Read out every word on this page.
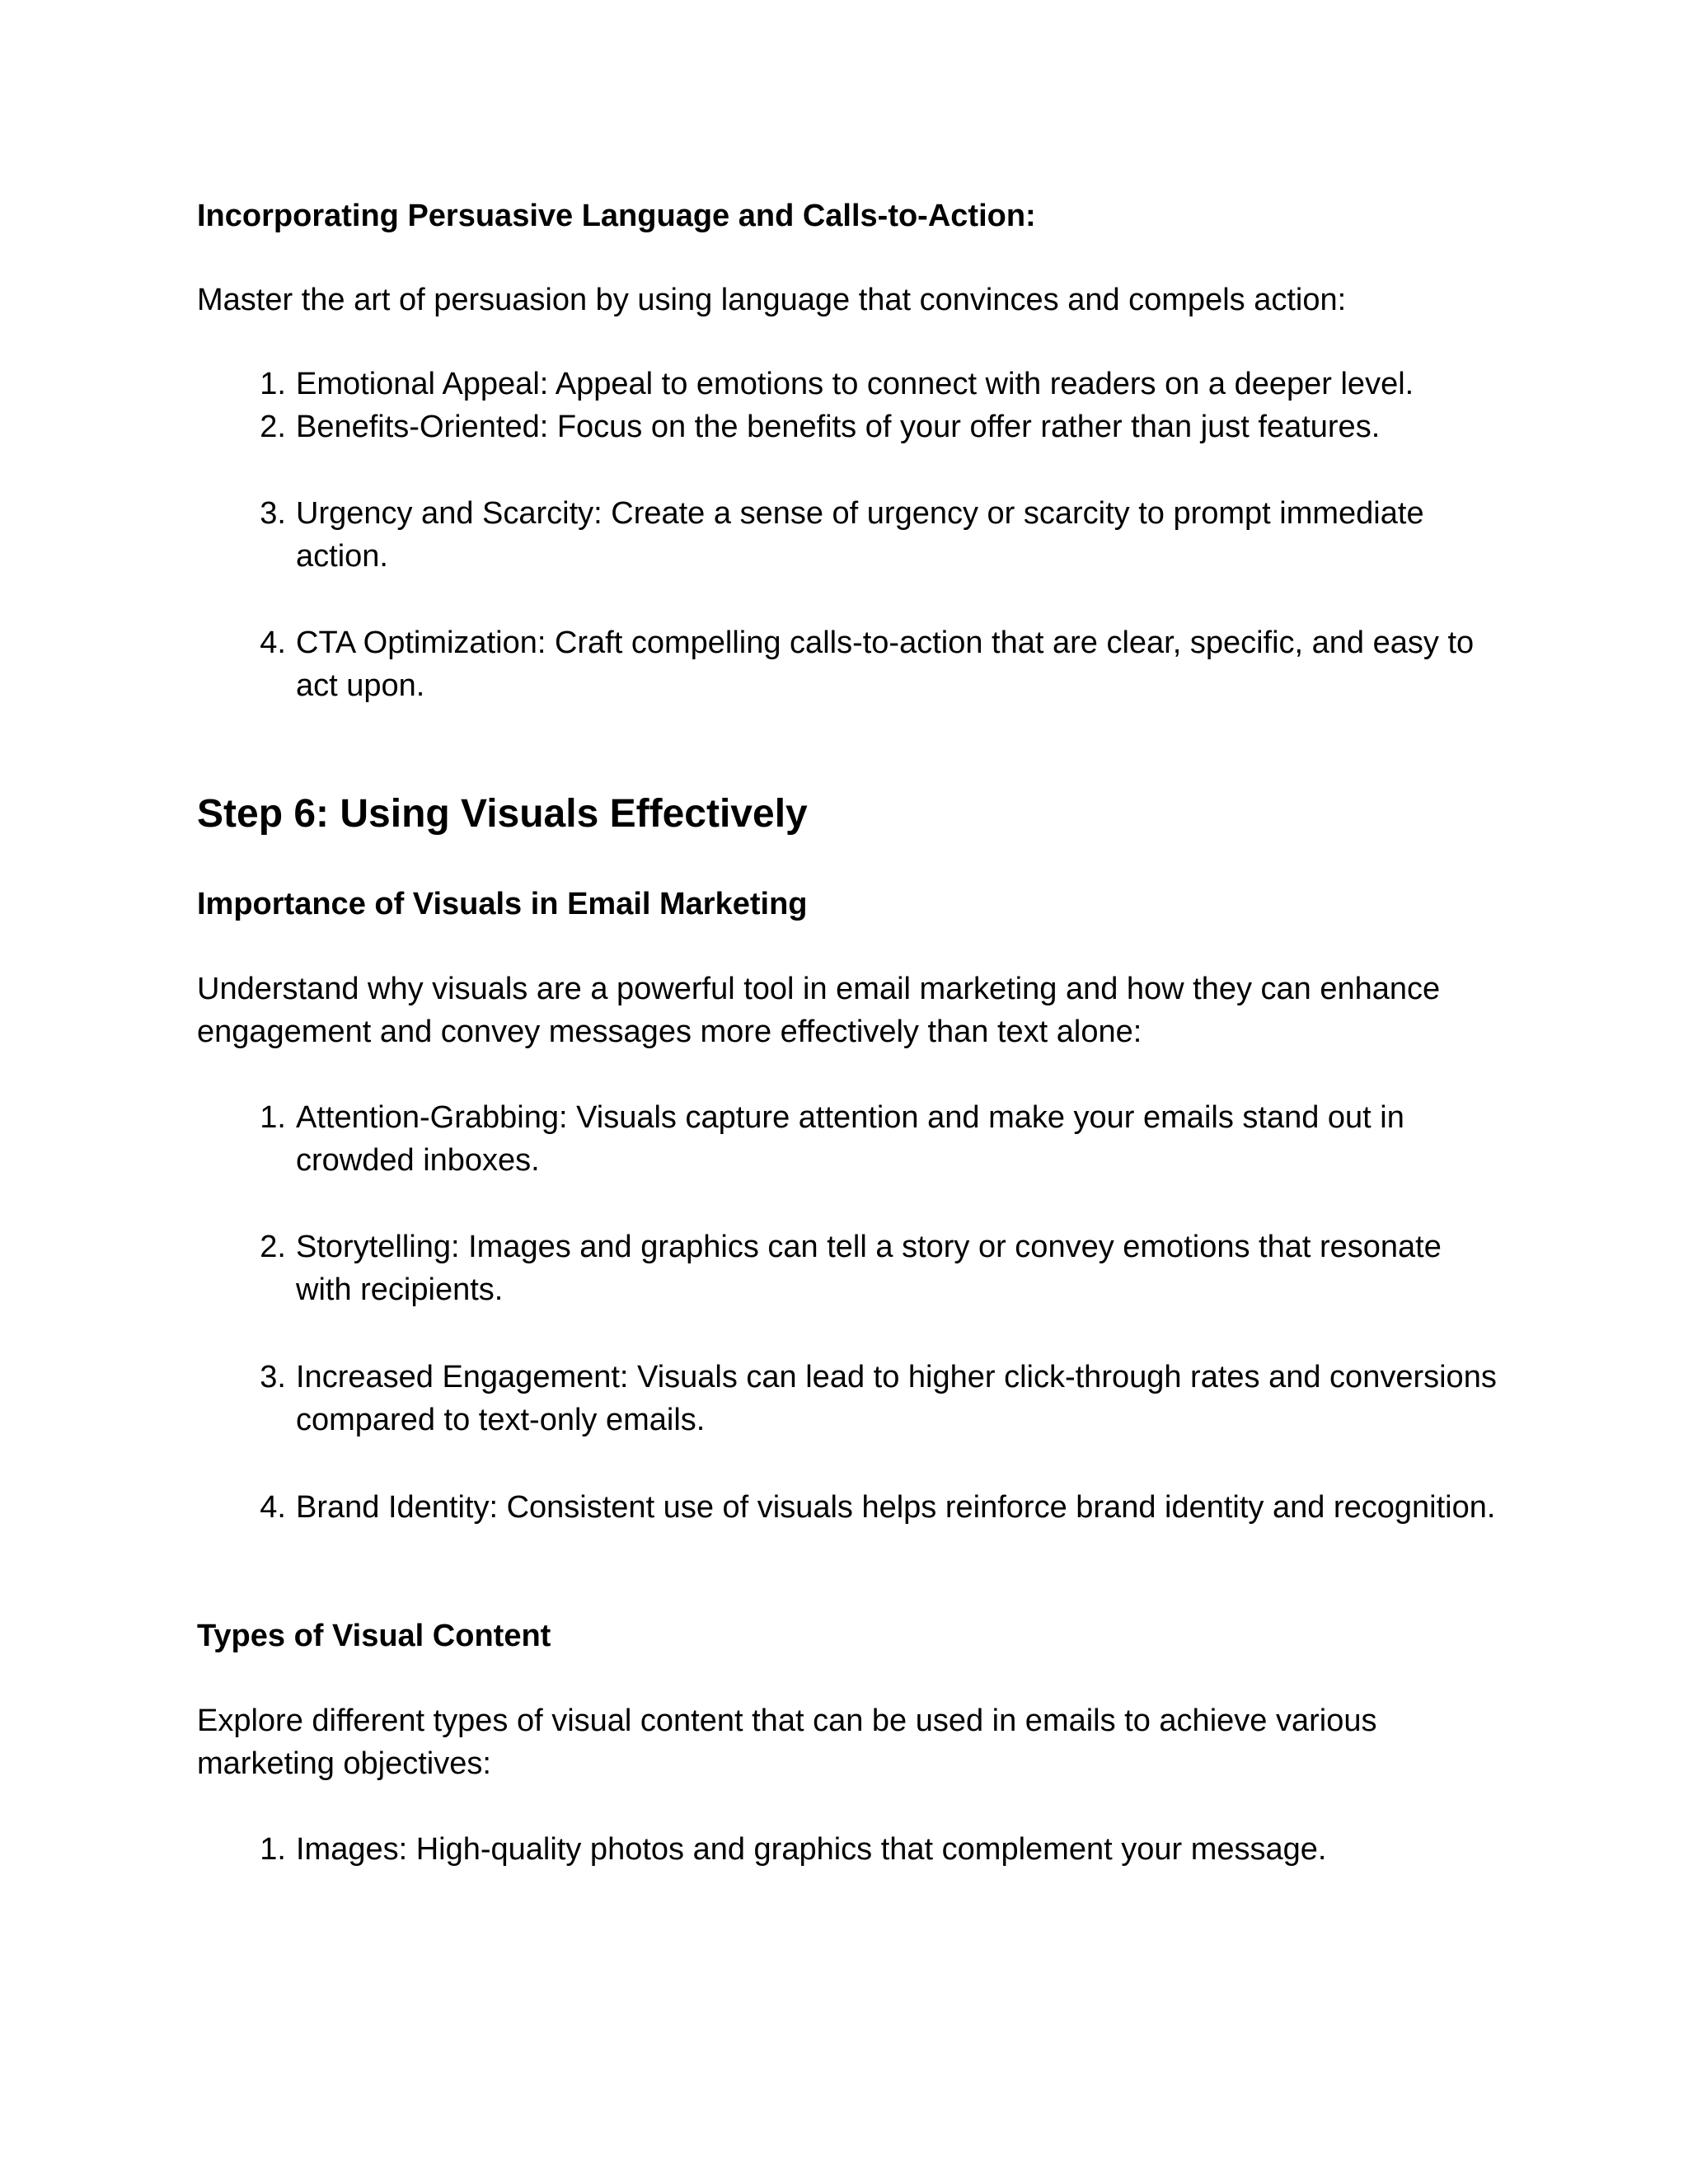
Incorporating Persuasive Language and Calls-to-Action:

Master the art of persuasion by using language that convinces and compels action:

1. Emotional Appeal: Appeal to emotions to connect with readers on a deeper level.
2. Benefits-Oriented: Focus on the benefits of your offer rather than just features.
3. Urgency and Scarcity: Create a sense of urgency or scarcity to prompt immediate action.
4. CTA Optimization: Craft compelling calls-to-action that are clear, specific, and easy to act upon.
Step 6: Using Visuals Effectively
Importance of Visuals in Email Marketing

Understand why visuals are a powerful tool in email marketing and how they can enhance engagement and convey messages more effectively than text alone:

1. Attention-Grabbing: Visuals capture attention and make your emails stand out in crowded inboxes.
2. Storytelling: Images and graphics can tell a story or convey emotions that resonate with recipients.
3. Increased Engagement: Visuals can lead to higher click-through rates and conversions compared to text-only emails.
4. Brand Identity: Consistent use of visuals helps reinforce brand identity and recognition.
Types of Visual Content

Explore different types of visual content that can be used in emails to achieve various marketing objectives:

1. Images: High-quality photos and graphics that complement your message.
